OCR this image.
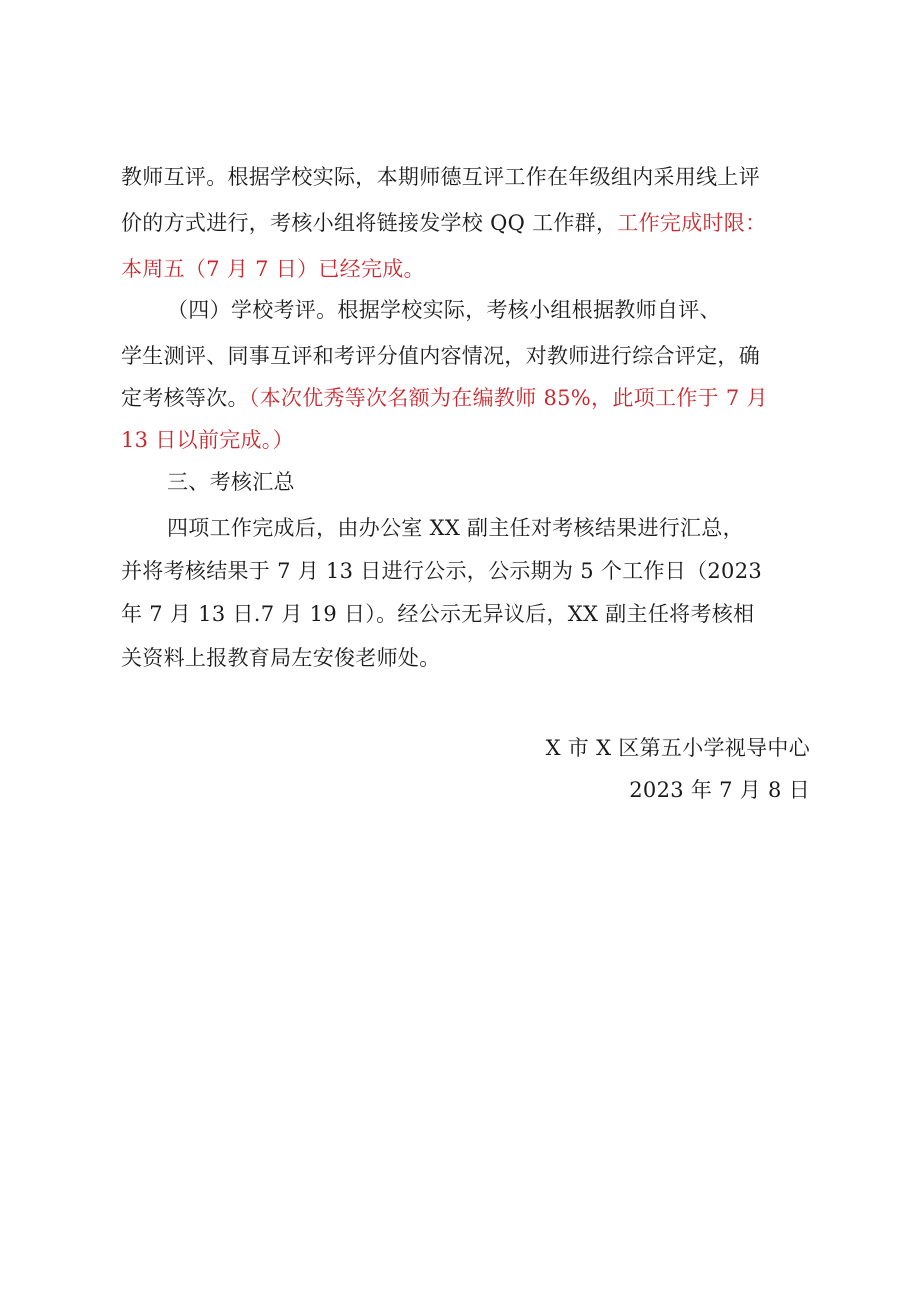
教师互评。根据学校实际，本期师德互评工作在年级组内采用线上评
价的方式进行，考核小组将链接发学校 QQ 工作群，工作完成时限：
本周五（7 月 7 日）已经完成。
（四）学校考评。根据学校实际，考核小组根据教师自评、
学生测评、同事互评和考评分值内容情况，对教师进行综合评定，确
定考核等次。（本次优秀等次名额为在编教师 85%，此项工作于 7 月
13 日以前完成。）
三、考核汇总
四项工作完成后，由办公室 XX 副主任对考核结果进行汇总，
并将考核结果于 7 月 13 日进行公示，公示期为 5 个工作日（2023
年 7 月 13 日.7 月 19 日）。经公示无异议后，XX 副主任将考核相
关资料上报教育局左安俊老师处。
X 市 X 区第五小学视导中心
2023 年 7 月 8 日
